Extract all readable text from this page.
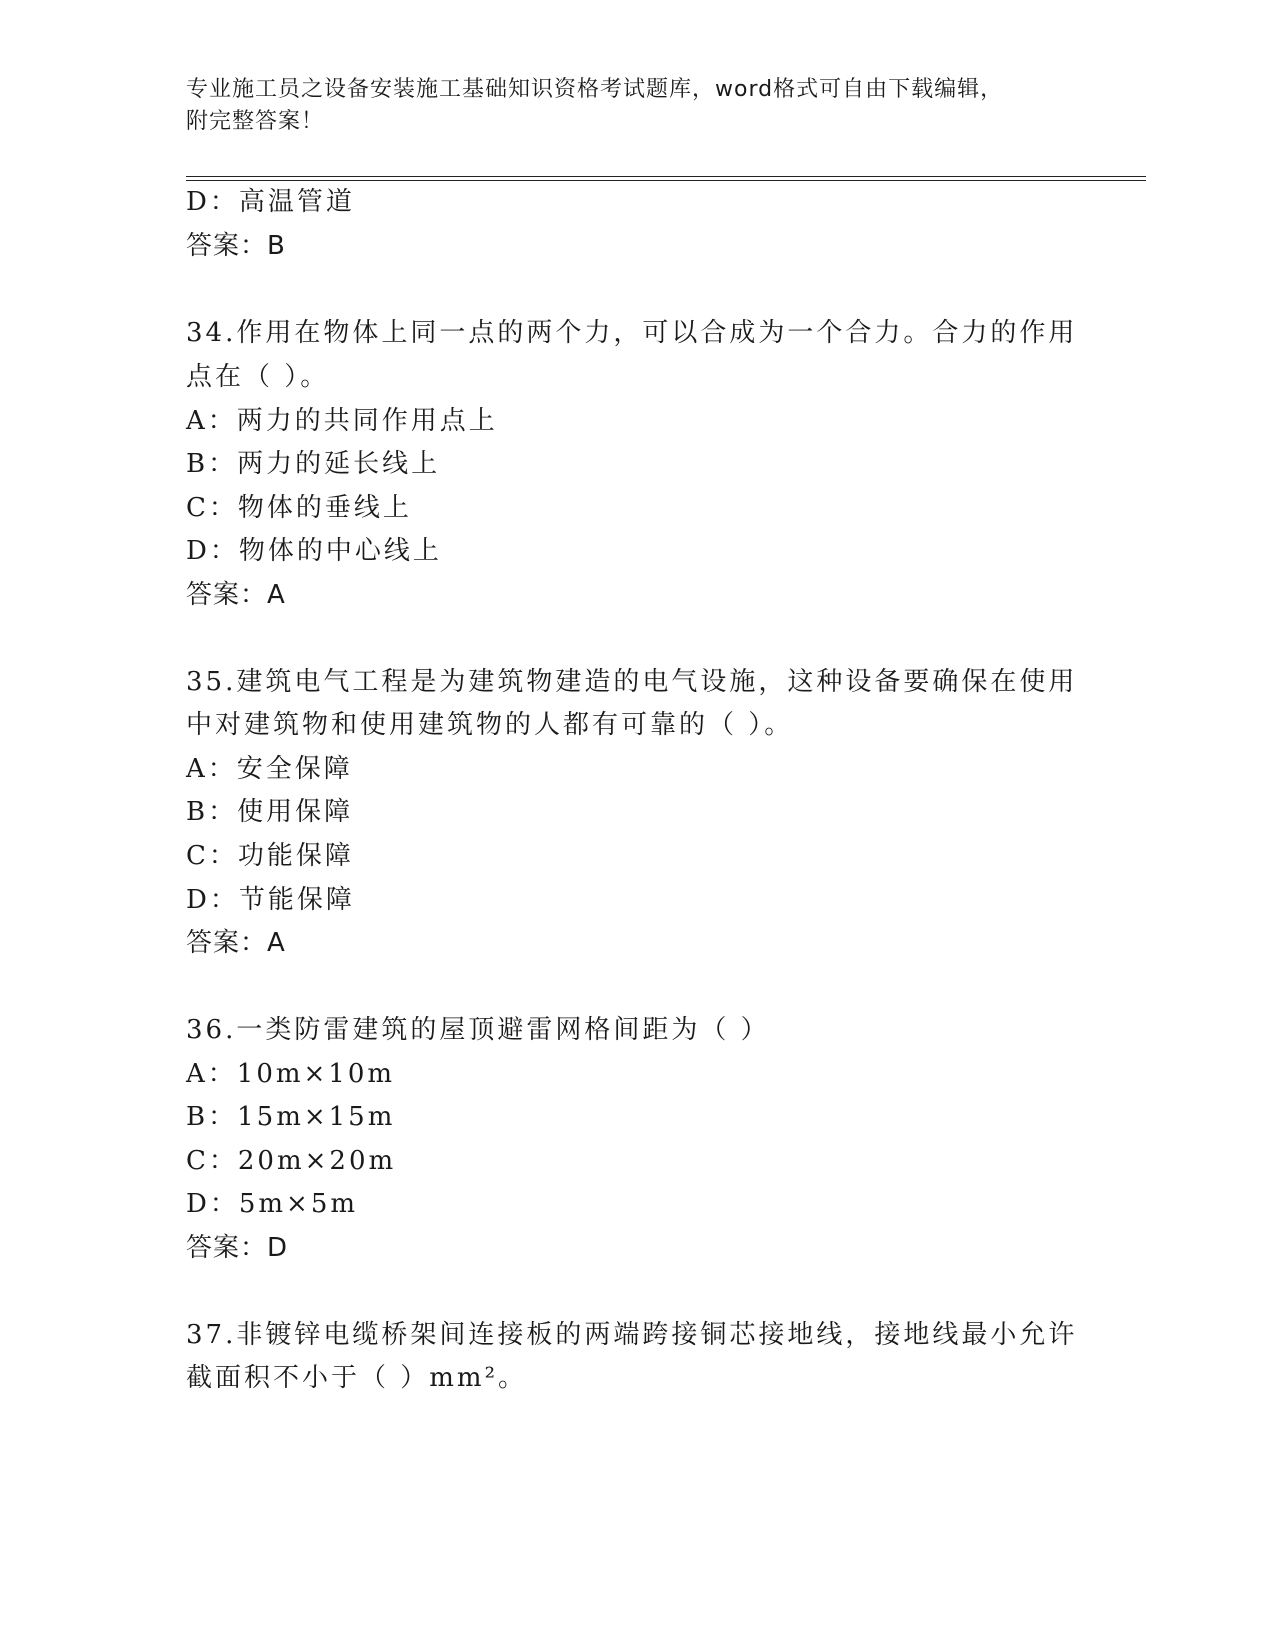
专业施工员之设备安装施工基础知识资格考试题库，word格式可自由下载编辑，
附完整答案！
D：高温管道
答案：B
34.作用在物体上同一点的两个力，可以合成为一个合力。合力的作用
点在（ ）。
A：两力的共同作用点上
B：两力的延长线上
C：物体的垂线上
D：物体的中心线上
答案：A
35.建筑电气工程是为建筑物建造的电气设施，这种设备要确保在使用
中对建筑物和使用建筑物的人都有可靠的（ ）。
A：安全保障
B：使用保障
C：功能保障
D：节能保障
答案：A
36.一类防雷建筑的屋顶避雷网格间距为（ ）
A：10m×10m
B：15m×15m
C：20m×20m
D：5m×5m
答案：D
37.非镀锌电缆桥架间连接板的两端跨接铜芯接地线，接地线最小允许
截面积不小于（ ）mm²。
